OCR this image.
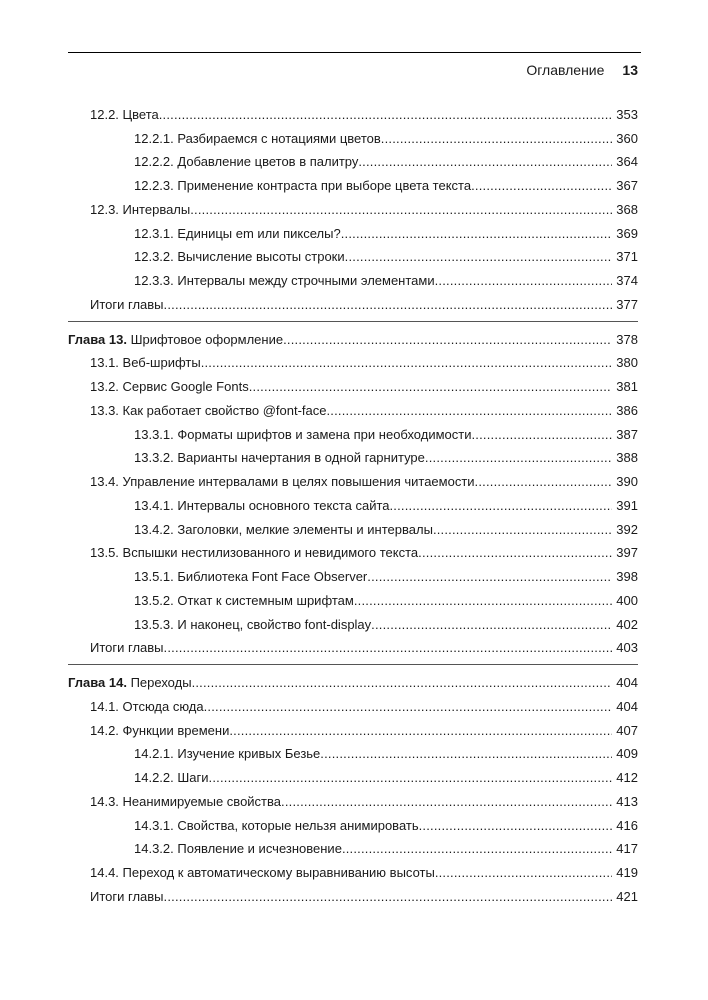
Оглавление 13
12.2. Цвета .....	353
12.2.1. Разбираемся с нотациями цветов .....	360
12.2.2. Добавление цветов в палитру .....	364
12.2.3. Применение контраста при выборе цвета текста .....	367
12.3. Интервалы .....	368
12.3.1. Единицы em или пикселы? .....	369
12.3.2. Вычисление высоты строки .....	371
12.3.3. Интервалы между строчными элементами .....	374
Итоги главы .....	377
Глава 13. Шрифтовое оформление .....	378
13.1. Веб-шрифты .....	380
13.2. Сервис Google Fonts .....	381
13.3. Как работает свойство @font-face .....	386
13.3.1. Форматы шрифтов и замена при необходимости .....	387
13.3.2. Варианты начертания в одной гарнитуре .....	388
13.4. Управление интервалами в целях повышения читаемости .....	390
13.4.1. Интервалы основного текста сайта .....	391
13.4.2. Заголовки, мелкие элементы и интервалы .....	392
13.5. Вспышки нестилизованного и невидимого текста .....	397
13.5.1. Библиотека Font Face Observer .....	398
13.5.2. Откат к системным шрифтам .....	400
13.5.3. И наконец, свойство font-display .....	402
Итоги главы .....	403
Глава 14. Переходы .....	404
14.1. Отсюда сюда .....	404
14.2. Функции времени .....	407
14.2.1. Изучение кривых Безье .....	409
14.2.2. Шаги .....	412
14.3. Неанимируемые свойства .....	413
14.3.1. Свойства, которые нельзя анимировать .....	416
14.3.2. Появление и исчезновение .....	417
14.4. Переход к автоматическому выравниванию высоты .....	419
Итоги главы .....	421
